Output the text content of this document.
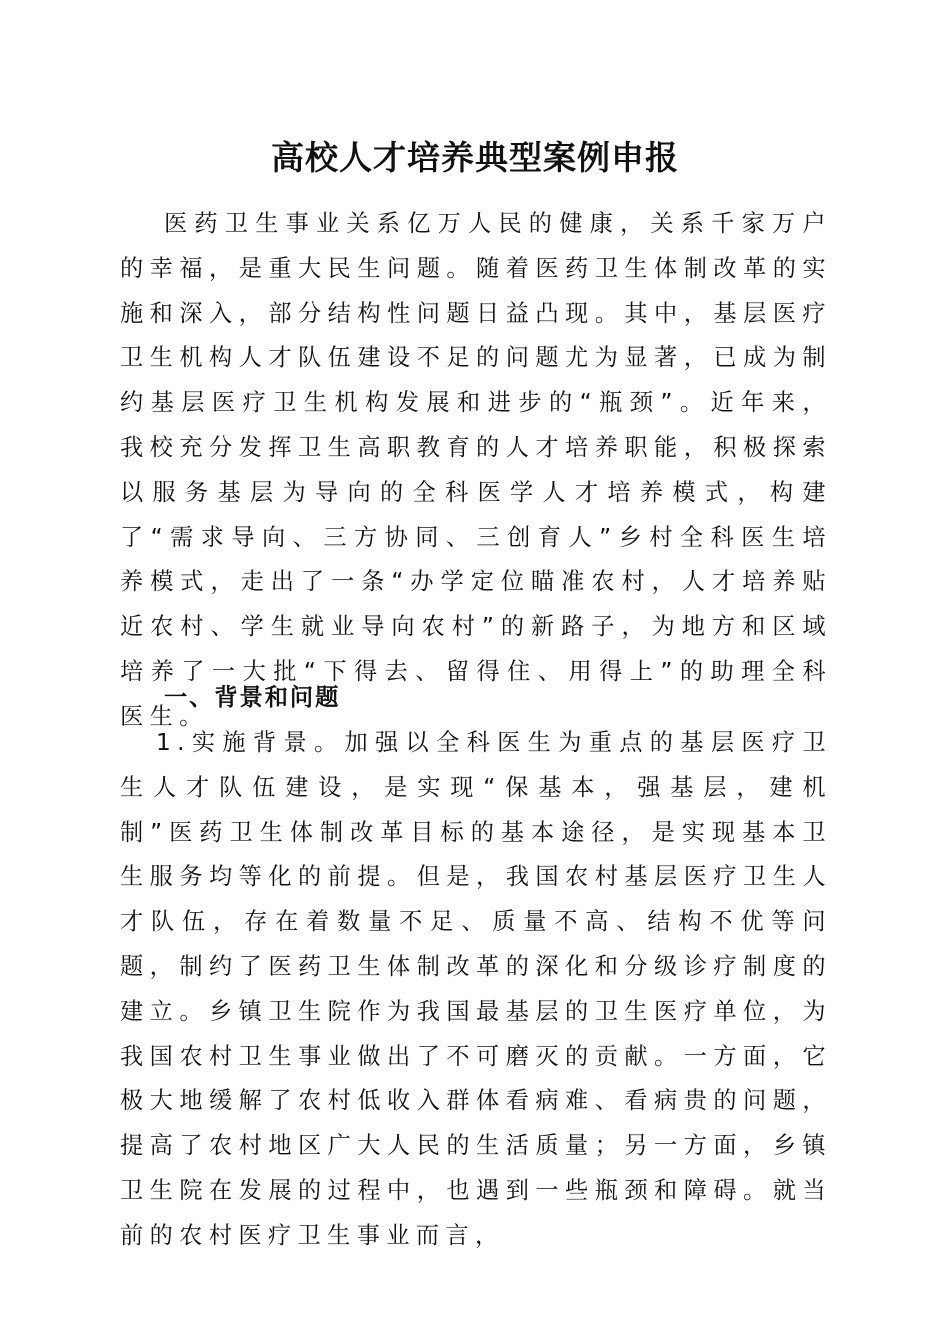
高校人才培养典型案例申报

医药卫生事业关系亿万人民的健康，关系千家万户的幸福，是重大民生问题。随着医药卫生体制改革的实施和深入，部分结构性问题日益凸现。其中，基层医疗卫生机构人才队伍建设不足的问题尤为显著，已成为制约基层医疗卫生机构发展和进步的“瓶颈”。近年来，我校充分发挥卫生高职教育的人才培养职能，积极探索以服务基层为导向的全科医学人才培养模式，构建了“需求导向、三方协同、三创育人”乡村全科医生培养模式，走出了一条“办学定位瞄准农村，人才培养贴近农村、学生就业导向农村”的新路子，为地方和区域培养了一大批“下得去、留得住、用得上”的助理全科医生。

一、背景和问题

1.实施背景。加强以全科医生为重点的基层医疗卫生人才队伍建设，是实现“保基本，强基层，建机制”医药卫生体制改革目标的基本途径，是实现基本卫生服务均等化的前提。但是，我国农村基层医疗卫生人才队伍，存在着数量不足、质量不高、结构不优等问题，制约了医药卫生体制改革的深化和分级诊疗制度的建立。乡镇卫生院作为我国最基层的卫生医疗单位，为我国农村卫生事业做出了不可磨灭的贡献。一方面，它极大地缓解了农村低收入群体看病难、看病贵的问题，提高了农村地区广大人民的生活质量；另一方面，乡镇卫生院在发展的过程中，也遇到一些瓶颈和障碍。就当前的农村医疗卫生事业而言，
